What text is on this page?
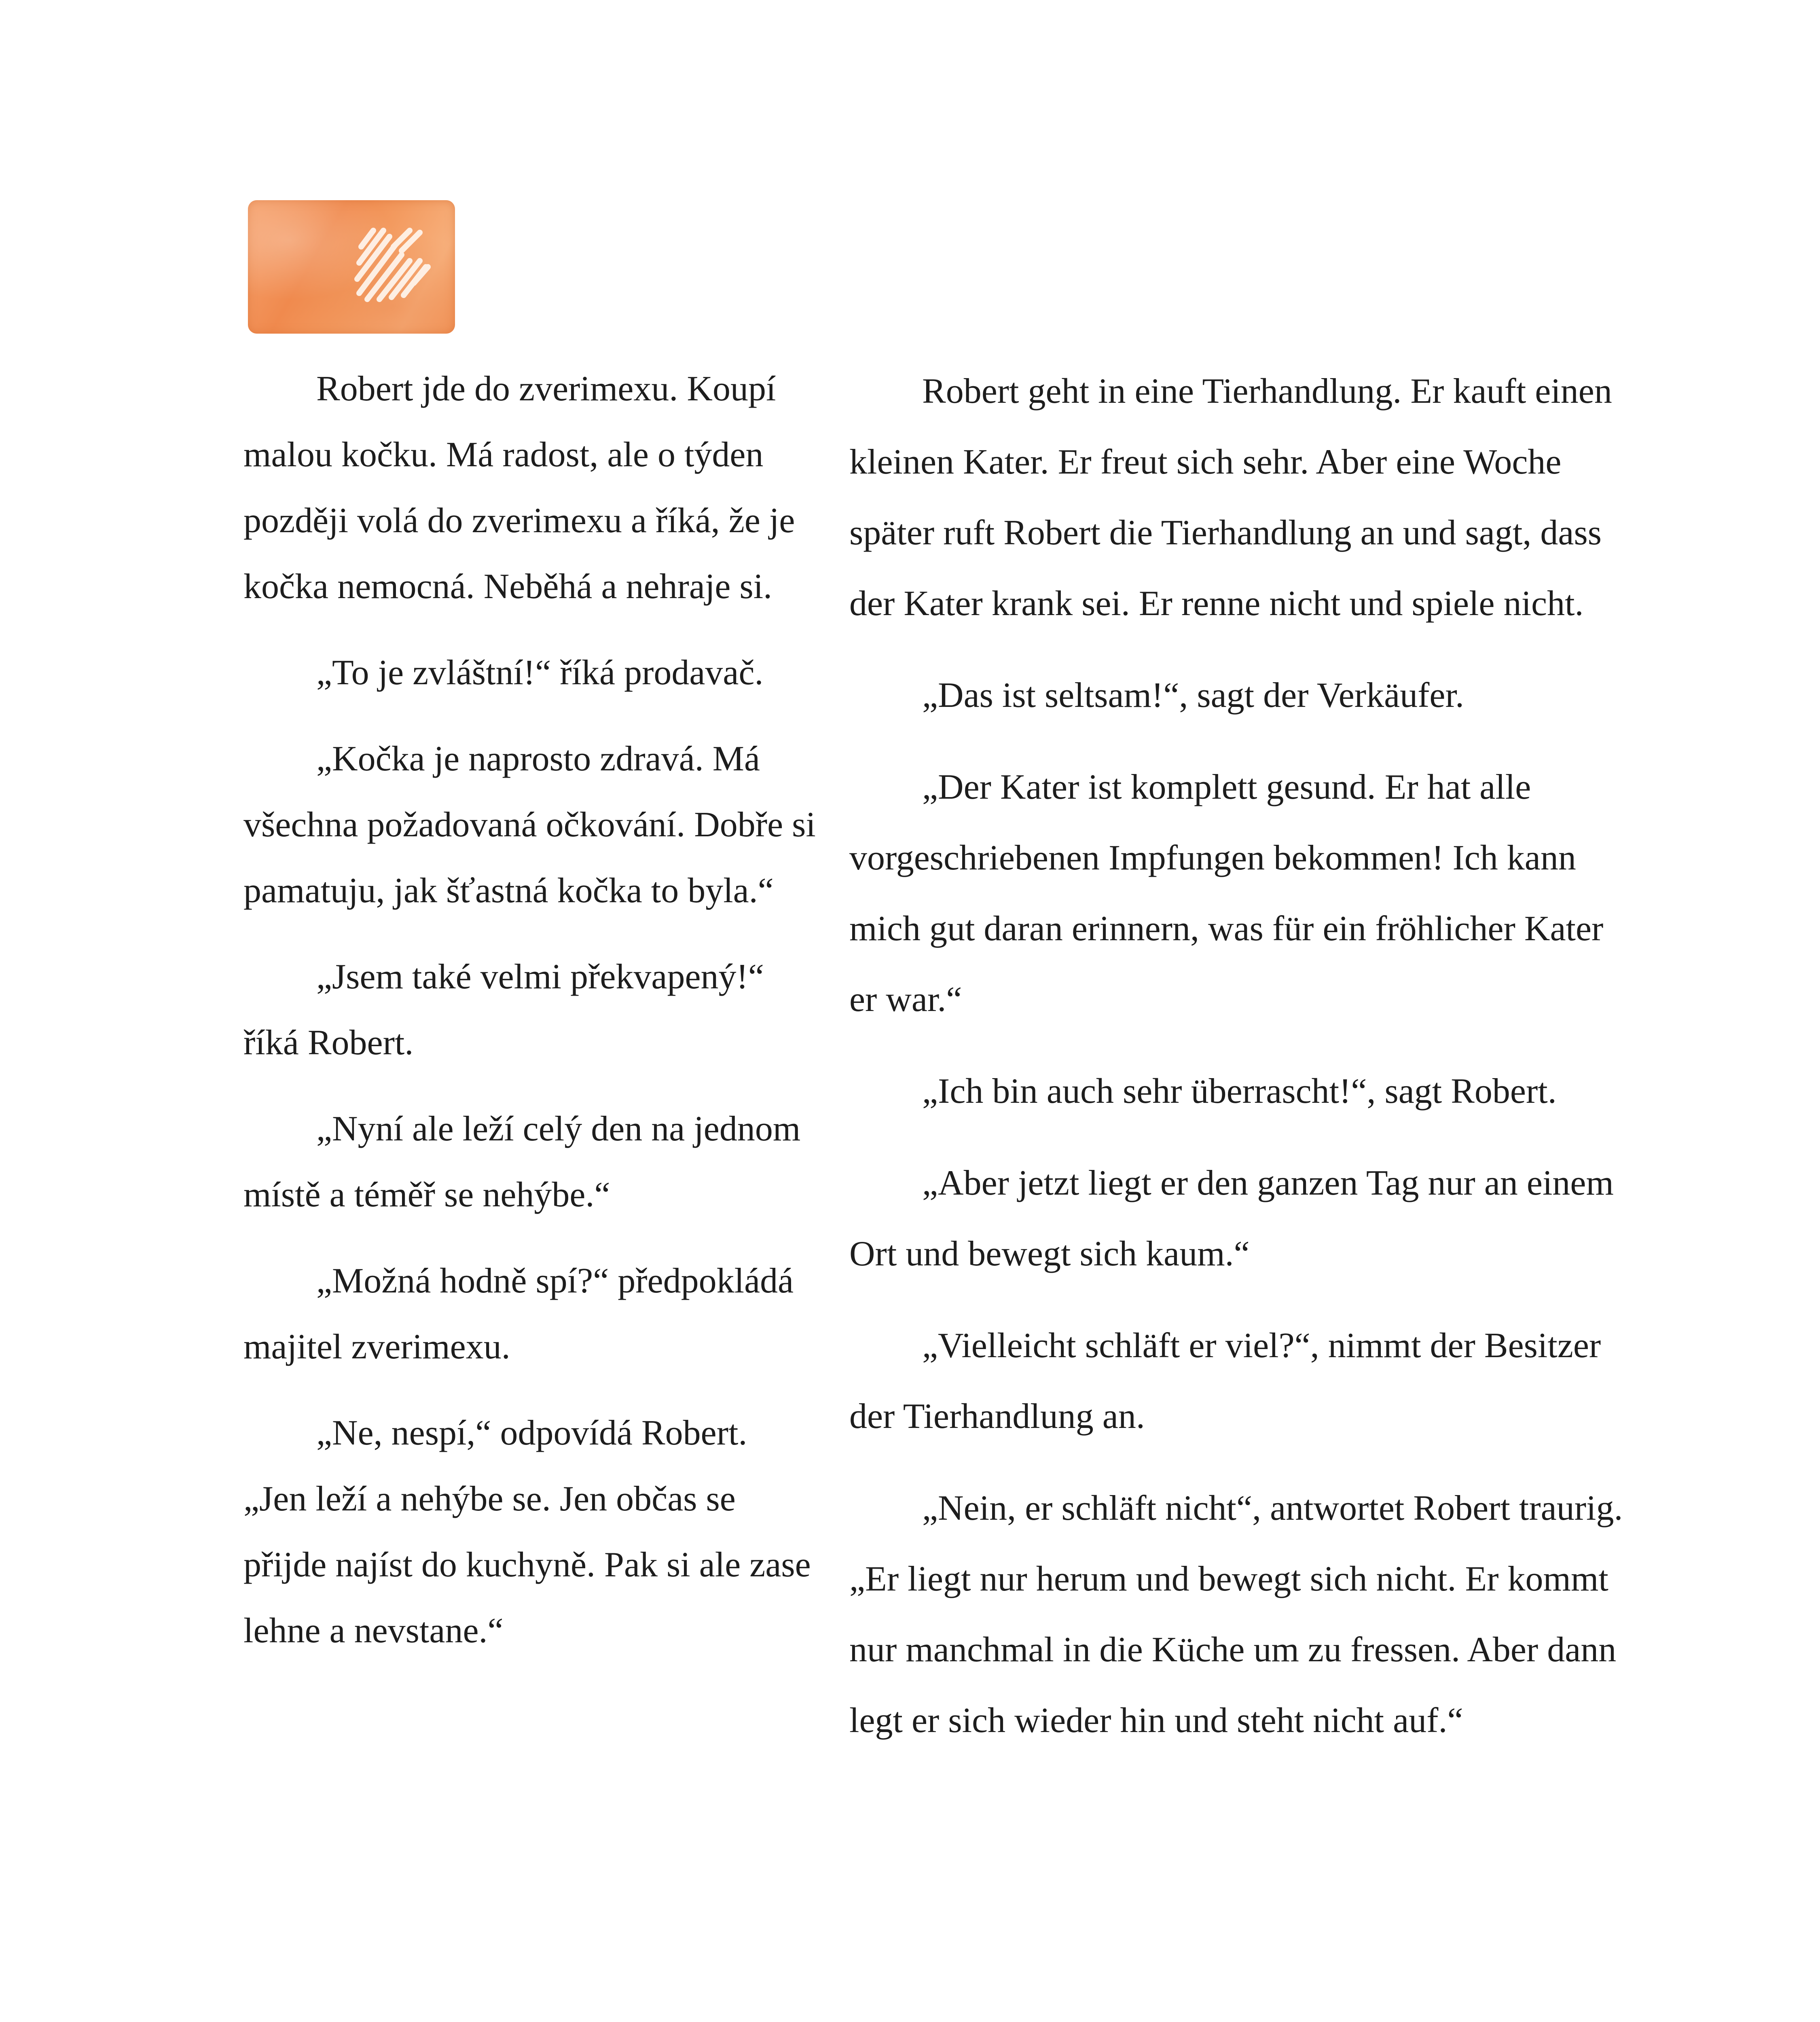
Robert jde do zverimexu. Koupí malou kočku. Má radost, ale o týden později volá do zverimexu a říká, že je kočka nemocná. Neběhá a nehraje si.

„To je zvláštní!“ říká prodavač.

„Kočka je naprosto zdravá. Má všechna požadovaná očkování. Dobře si pamatuju, jak šťastná kočka to byla.“

„Jsem také velmi překvapený!“ říká Robert.

„Nyní ale leží celý den na jednom místě a téměř se nehýbe.“

„Možná hodně spí?“ předpokládá majitel zverimexu.

„Ne, nespí,“ odpovídá Robert. „Jen leží a nehýbe se. Jen občas se přijde najíst do kuchyně. Pak si ale zase lehne a nevstane.“

Robert geht in eine Tierhandlung. Er kauft einen kleinen Kater. Er freut sich sehr. Aber eine Woche später ruft Robert die Tierhandlung an und sagt, dass der Kater krank sei. Er renne nicht und spiele nicht.

„Das ist seltsam!“, sagt der Verkäufer.

„Der Kater ist komplett gesund. Er hat alle vorgeschriebenen Impfungen bekommen! Ich kann mich gut daran erinnern, was für ein fröhlicher Kater er war.“

„Ich bin auch sehr überrascht!“, sagt Robert.

„Aber jetzt liegt er den ganzen Tag nur an einem Ort und bewegt sich kaum.“

„Vielleicht schläft er viel?“, nimmt der Besitzer der Tierhandlung an.

„Nein, er schläft nicht“, antwortet Robert traurig. „Er liegt nur herum und bewegt sich nicht. Er kommt nur manchmal in die Küche um zu fressen. Aber dann legt er sich wieder hin und steht nicht auf.“
